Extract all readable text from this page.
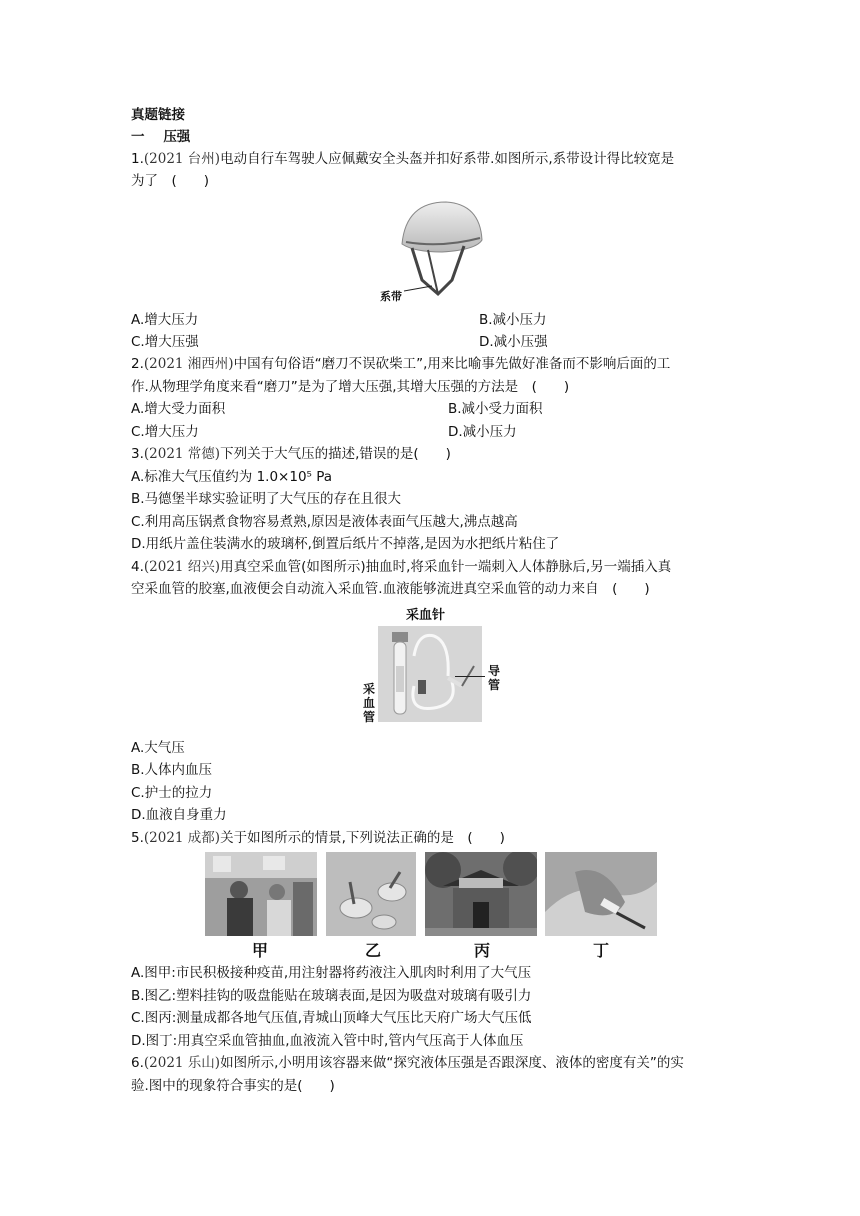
真题链接
一 压强
1.(2021 台州)电动自行车驾驶人应佩戴安全头盔并扣好系带.如图所示,系带设计得比较宽是
为了　(　　)
系带
A.增大压力	B.减小压力
C.增大压强	D.减小压强
2.(2021 湘西州)中国有句俗语“磨刀不误砍柴工”,用来比喻事先做好准备而不影响后面的工
作.从物理学角度来看“磨刀”是为了增大压强,其增大压强的方法是　(　　)
A.增大受力面积	B.减小受力面积
C.增大压力	D.减小压力
3.(2021 常德)下列关于大气压的描述,错误的是(　　)
A.标准大气压值约为 1.0×10⁵ Pa
B.马德堡半球实验证明了大气压的存在且很大
C.利用高压锅煮食物容易煮熟,原因是液体表面气压越大,沸点越高
D.用纸片盖住装满水的玻璃杯,倒置后纸片不掉落,是因为水把纸片粘住了
4.(2021 绍兴)用真空采血管(如图所示)抽血时,将采血针一端刺入人体静脉后,另一端插入真
空采血管的胶塞,血液便会自动流入采血管.血液能够流进真空采血管的动力来自　(　　)
采血针
导管
采血管
A.大气压
B.人体内血压
C.护士的拉力
D.血液自身重力
5.(2021 成都)关于如图所示的情景,下列说法正确的是　(　　)
甲	乙	丙	丁
A.图甲:市民积极接种疫苗,用注射器将药液注入肌肉时利用了大气压
B.图乙:塑料挂钩的吸盘能贴在玻璃表面,是因为吸盘对玻璃有吸引力
C.图丙:测量成都各地气压值,青城山顶峰大气压比天府广场大气压低
D.图丁:用真空采血管抽血,血液流入管中时,管内气压高于人体血压
6.(2021 乐山)如图所示,小明用该容器来做“探究液体压强是否跟深度、液体的密度有关”的实
验.图中的现象符合事实的是(　　)
